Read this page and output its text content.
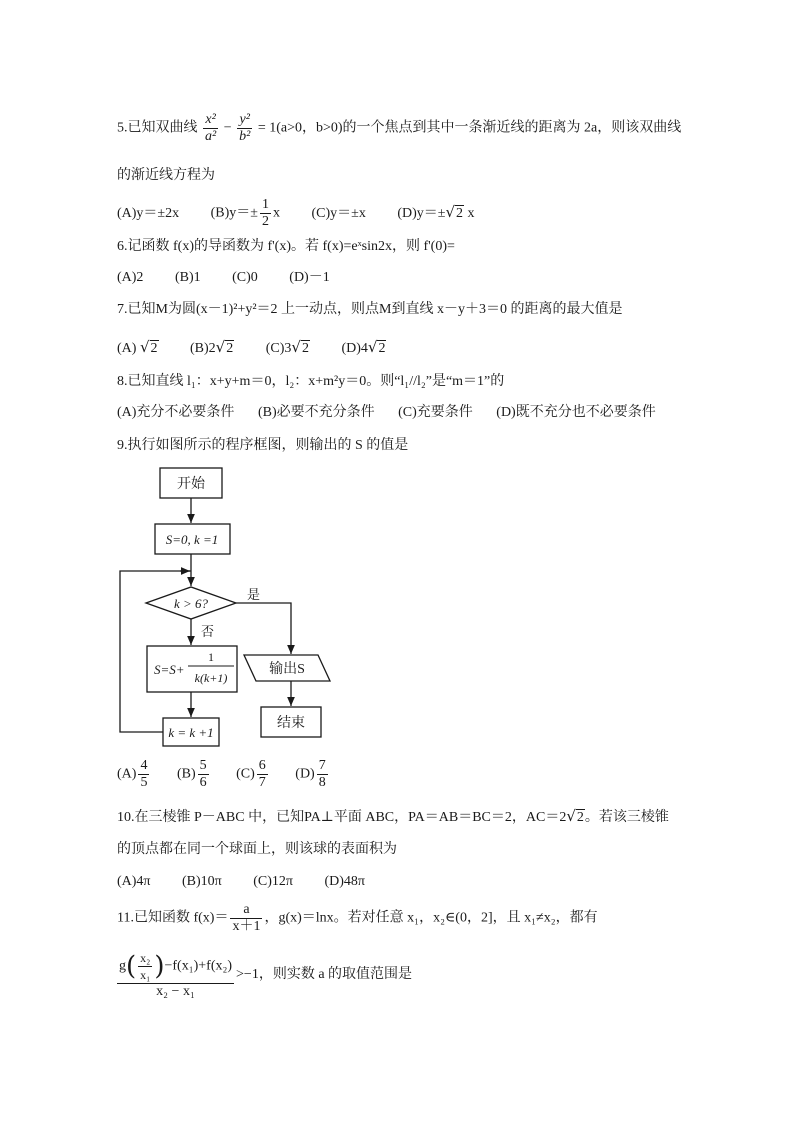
5.已知双曲线 $\frac{\text{x²}}{\text{a²}} - \frac{\text{y²}}{\text{b²}} = 1(a>0$，b>0)的一个焦点到其中一条渐近线的距离为 2a，则该双曲线
的渐近线方程为
(A)y＝±2x $(B)y=\pm \frac{1}{2}$ x (C)y＝±x (D)y＝±√2 x
6.记函数 f(x)的导函数为 f'(x)。若 f(x)=eˣsin2x，则 f'(0)=
(A)2 (B)1 (C)0 (D)－1
7.已知M为圆(x－1)²+y²＝2 上一动点，则点M到直线 x－y＋3＝0 的距离的最大值是
(A) √2 (B)2√2 (C)3√2 (D)4√2
8.已知直线 l₁：x+y+m＝0，l₂：x+m²y＝0。则“l₁//l₂”是“m＝1”的
(A)充分不必要条件 (B)必要不充分条件 (C)充要条件 (D)既不充分也不必要条件
9.执行如图所示的程序框图，则输出的 S 的值是
开始
S=0, k =1
k > 6?
是
否
S=S+
1
k(k+1)
k = k +1
输出S
结束
$(A) \frac{4}{5} (B) \frac{5}{6} (C) \frac{6}{7} (D) \frac{7}{8}$
10.在三棱锥 P－ABC 中，已知PA⊥平面 ABC，PA＝AB＝BC＝2，AC＝2√2。若该三棱锥
的顶点都在同一个球面上，则该球的表面积为
(A)4π (B)10π (C)12π (D)48π
11.已知函数 $f(x)= \frac{a}{x+1}$ ，g(x)＝lnx。若对任意 x₁，x₂∈(0，2]，且 x₁≠x₂，都有
$\frac{g( \frac{\text{x₂}}{\text{x₁}} )-f(x_1)+f(x_2)}{\text{x₂ − x₁}} >-1$，则实数 a 的取值范围是
